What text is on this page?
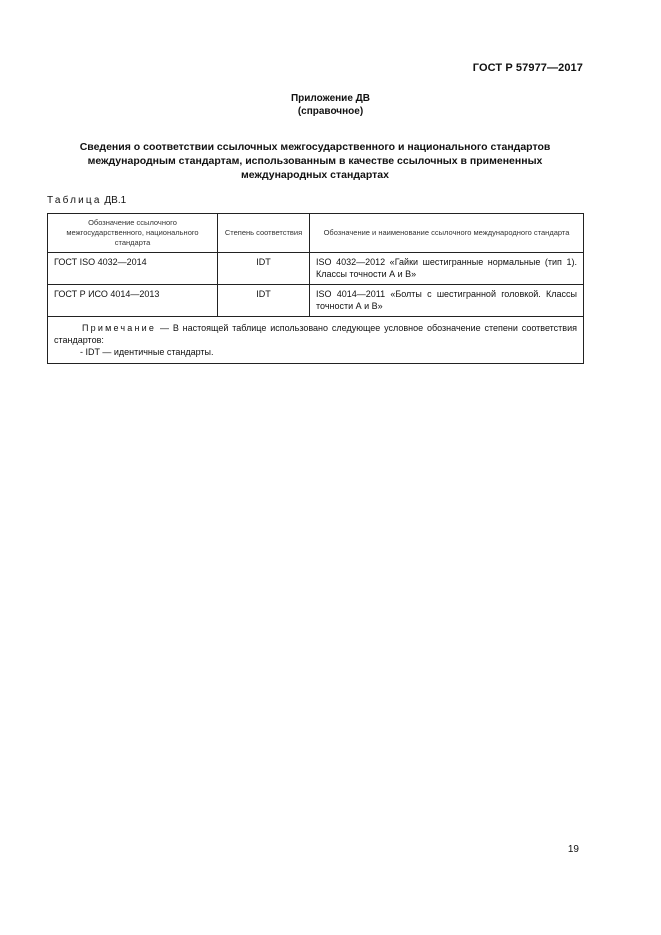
ГОСТ Р 57977—2017
Приложение ДВ
(справочное)
Сведения о соответствии ссылочных межгосударственного и национального стандартов
международным стандартам, использованным в качестве ссылочных в примененных
международных стандартах
Таблица ДВ.1
Обозначение ссылочного межгосударственного, национального стандарта	Степень соответствия	Обозначение и наименование ссылочного международного стандарта
ГОСТ ISO 4032—2014	IDT	ISO 4032—2012 «Гайки шестигранные нормальные (тип 1). Классы точности А и В»
ГОСТ Р ИСО 4014—2013	IDT	ISO 4014—2011 «Болты с шестигранной головкой. Классы точности А и В»

Примечание — В настоящей таблице использовано следующее условное обозначение степени соответствия стандартов:
- IDT — идентичные стандарты.		
19
